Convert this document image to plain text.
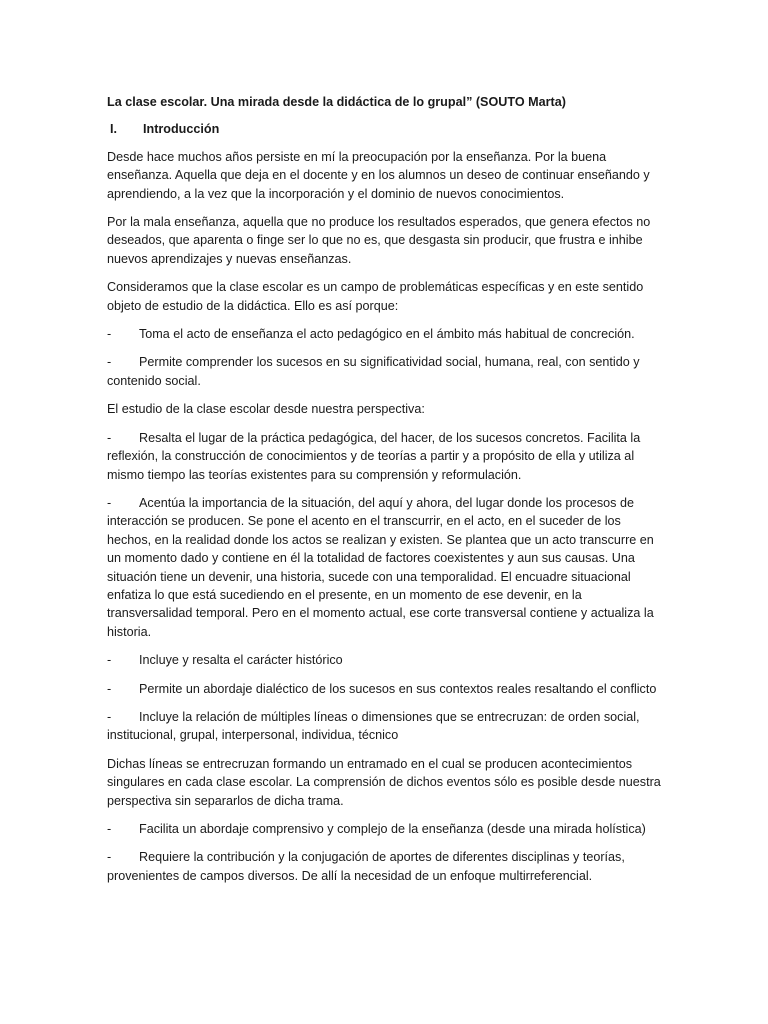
La clase escolar. Una mirada desde la didáctica de lo grupal” (SOUTO Marta)
I. Introducción

Desde hace muchos años persiste en mí la preocupación por la enseñanza. Por la buena enseñanza. Aquella que deja en el docente y en los alumnos un deseo de continuar enseñando y aprendiendo, a la vez que la incorporación y el dominio de nuevos conocimientos.

Por la mala enseñanza, aquella que no produce los resultados esperados, que genera efectos no deseados, que aparenta o finge ser lo que no es, que desgasta sin producir, que frustra e inhibe nuevos aprendizajes y nuevas enseñanzas.

Consideramos que la clase escolar es un campo de problemáticas específicas y en este sentido objeto de estudio de la didáctica. Ello es así porque:

- Toma el acto de enseñanza el acto pedagógico en el ámbito más habitual de concreción.

- Permite comprender los sucesos en su significatividad social, humana, real, con sentido y contenido social.

El estudio de la clase escolar desde nuestra perspectiva:

- Resalta el lugar de la práctica pedagógica, del hacer, de los sucesos concretos. Facilita la reflexión, la construcción de conocimientos y de teorías a partir y a propósito de ella y utiliza al mismo tiempo las teorías existentes para su comprensión y reformulación.

- Acentúa la importancia de la situación, del aquí y ahora, del lugar donde los procesos de interacción se producen. Se pone el acento en el transcurrir, en el acto, en el suceder de los hechos, en la realidad donde los actos se realizan y existen. Se plantea que un acto transcurre en un momento dado y contiene en él la totalidad de factores coexistentes y aun sus causas. Una situación tiene un devenir, una historia, sucede con una temporalidad. El encuadre situacional enfatiza lo que está sucediendo en el presente, en un momento de ese devenir, en la transversalidad temporal. Pero en el momento actual, ese corte transversal contiene y actualiza la historia.

- Incluye y resalta el carácter histórico

- Permite un abordaje dialéctico de los sucesos en sus contextos reales resaltando el conflicto

- Incluye la relación de múltiples líneas o dimensiones que se entrecruzan: de orden social, institucional, grupal, interpersonal, individua, técnico

Dichas líneas se entrecruzan formando un entramado en el cual se producen acontecimientos singulares en cada clase escolar. La comprensión de dichos eventos sólo es posible desde nuestra perspectiva sin separarlos de dicha trama.

- Facilita un abordaje comprensivo y complejo de la enseñanza (desde una mirada holística)

- Requiere la contribución y la conjugación de aportes de diferentes disciplinas y teorías, provenientes de campos diversos. De allí la necesidad de un enfoque multirreferencial.
